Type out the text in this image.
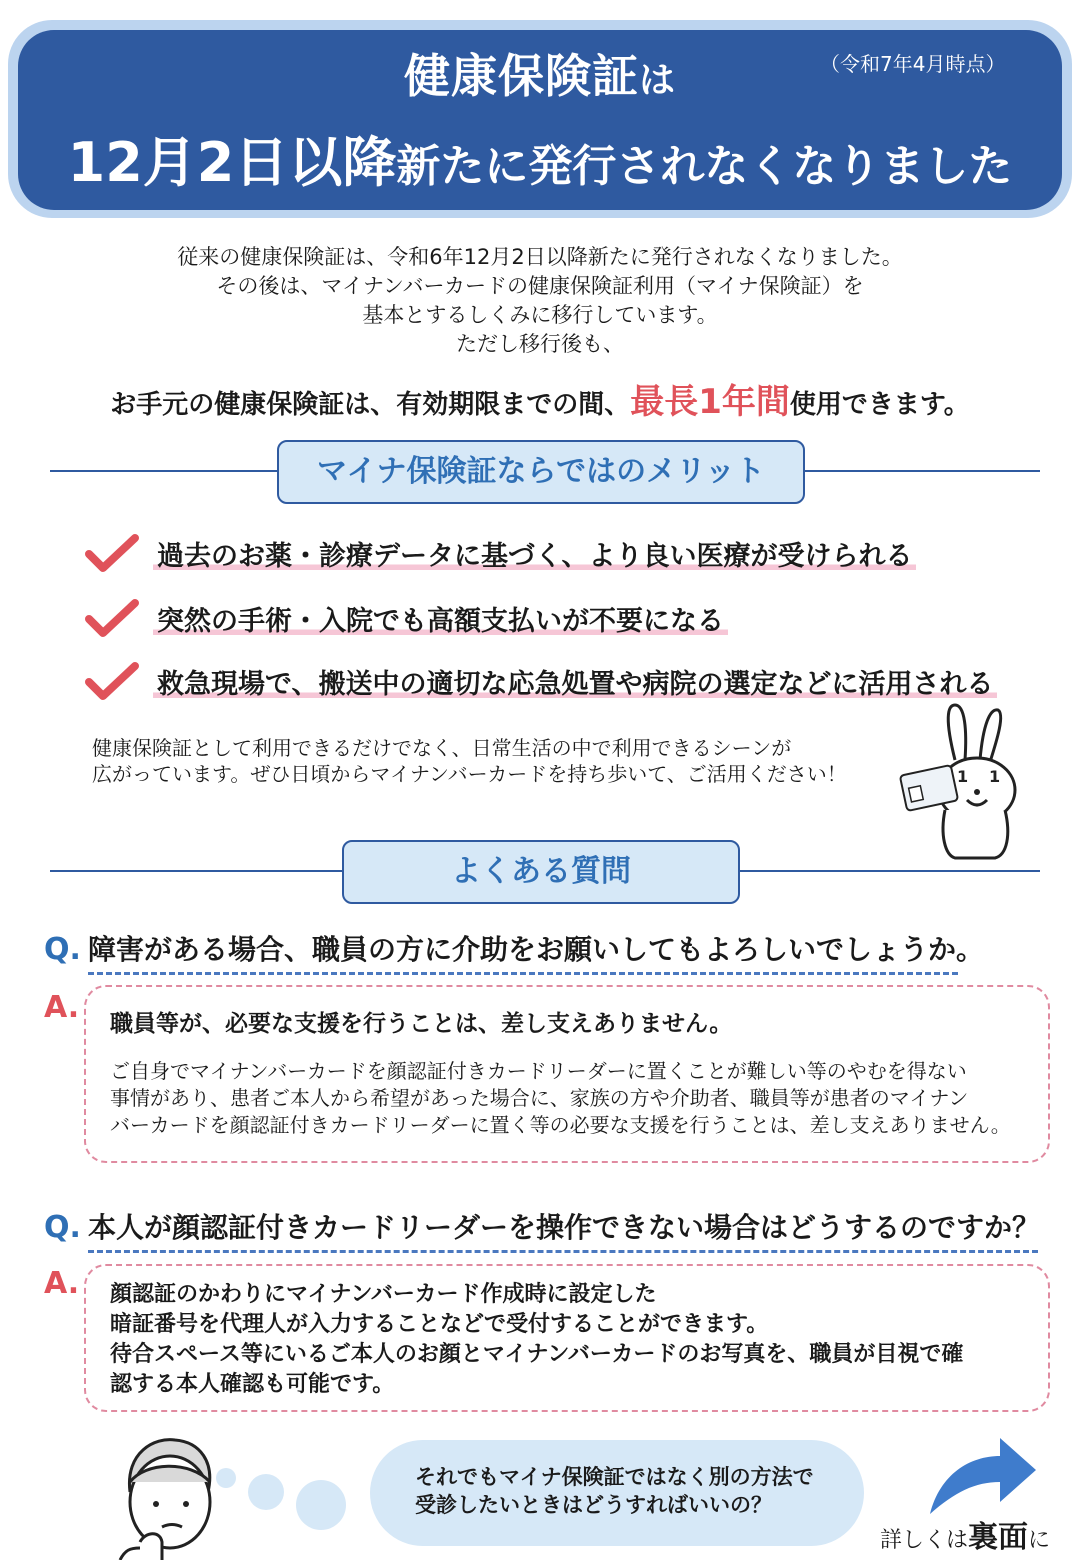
健康保険証は	（令和7年4月時点）
12月2日以降新たに発行されなくなりました
従来の健康保険証は、令和6年12月2日以降新たに発行されなくなりました。
その後は、マイナンバーカードの健康保険証利用（マイナ保険証）を
基本とするしくみに移行しています。
ただし移行後も、
お手元の健康保険証は、有効期限までの間、最長1年間使用できます。
マイナ保険証ならではのメリット
過去のお薬・診療データに基づく、より良い医療が受けられる
突然の手術・入院でも高額支払いが不要になる
救急現場で、搬送中の適切な応急処置や病院の選定などに活用される
健康保険証として利用できるだけでなく、日常生活の中で利用できるシーンが
広がっています。ぜひ日頃からマイナンバーカードを持ち歩いて、ご活用ください！	1 1
よくある質問
Q. 障害がある場合、職員の方に介助をお願いしてもよろしいでしょうか。
A. 職員等が、必要な支援を行うことは、差し支えありません。
ご自身でマイナンバーカードを顔認証付きカードリーダーに置くことが難しい等のやむを得ない
事情があり、患者ご本人から希望があった場合に、家族の方や介助者、職員等が患者のマイナン
バーカードを顔認証付きカードリーダーに置く等の必要な支援を行うことは、差し支えありません。
Q. 本人が顔認証付きカードリーダーを操作できない場合はどうするのですか？
A. 顔認証のかわりにマイナンバーカード作成時に設定した
暗証番号を代理人が入力することなどで受付することができます。
待合スペース等にいるご本人のお顔とマイナンバーカードのお写真を、職員が目視で確
認する本人確認も可能です。
それでもマイナ保険証ではなく別の方法で
受診したいときはどうすればいいの？
詳しくは裏面に
